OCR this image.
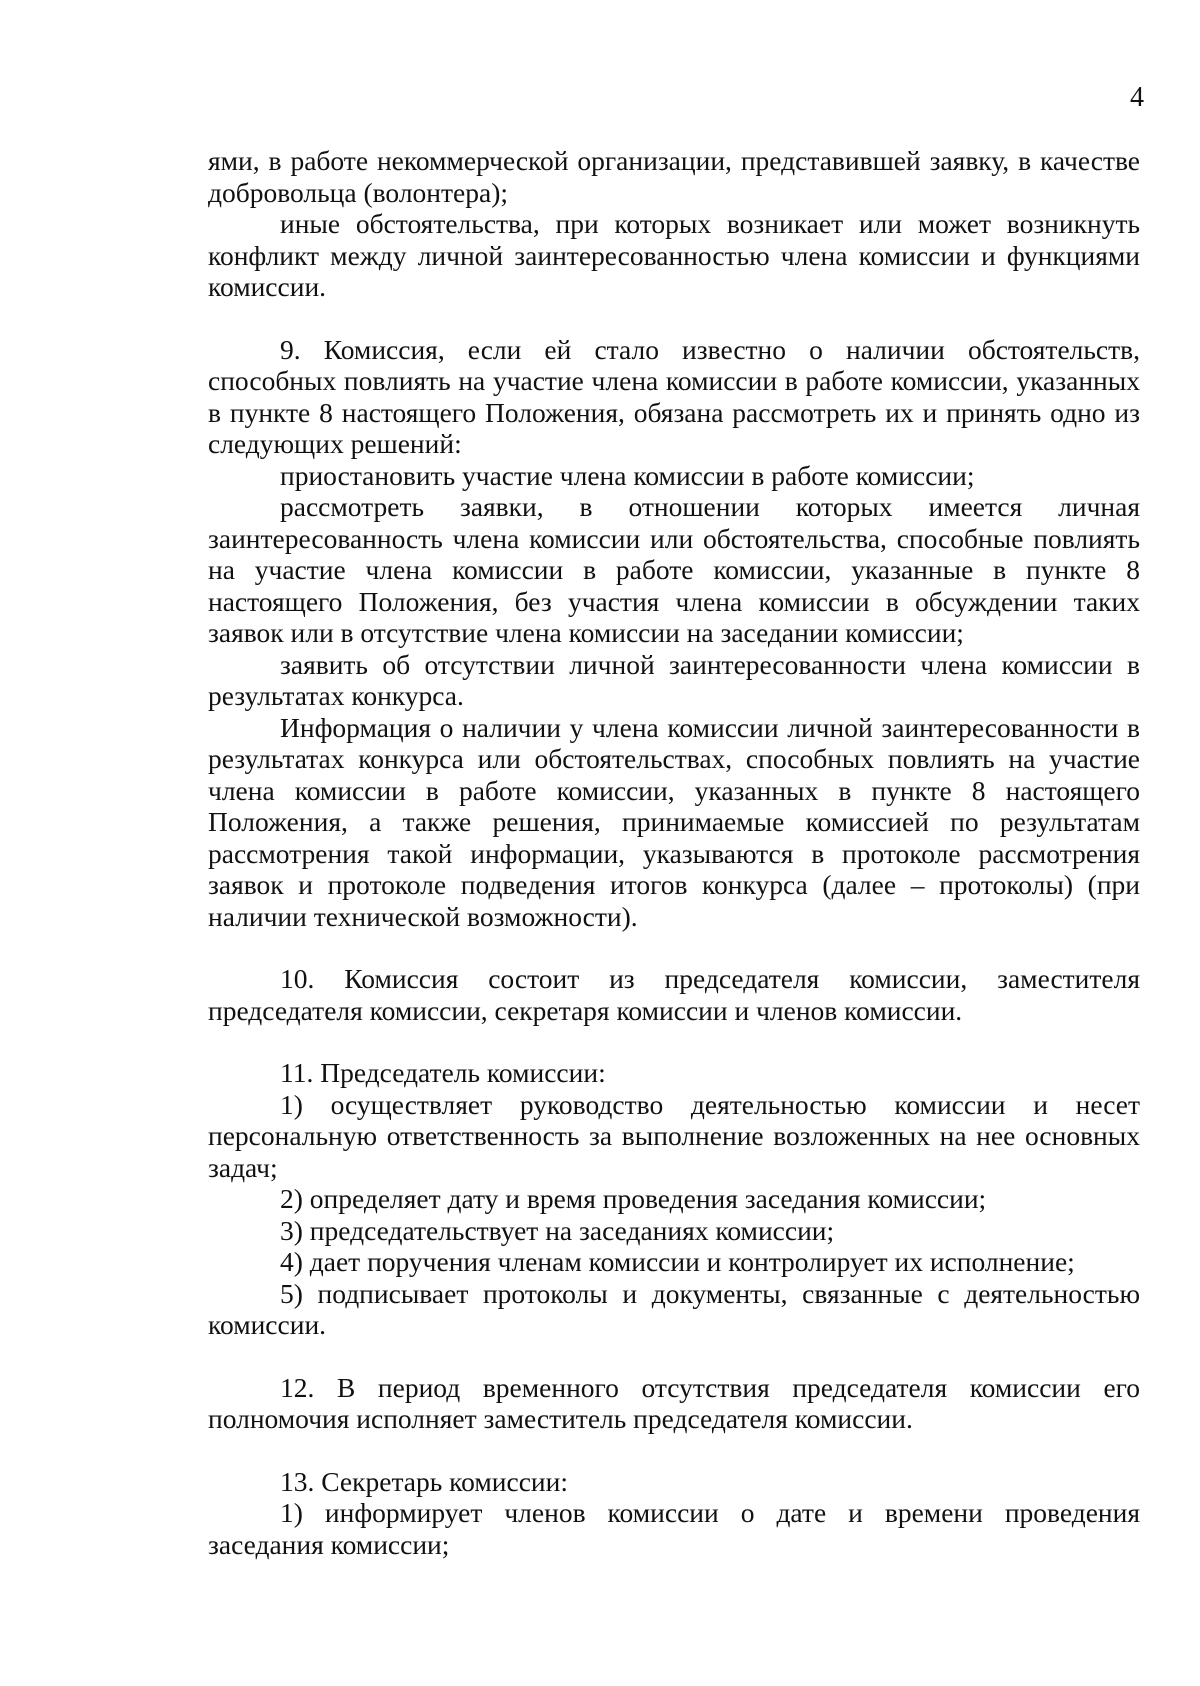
4

ями, в работе некоммерческой организации, представившей заявку, в качестве добровольца (волонтера);

иные обстоятельства, при которых возникает или может возникнуть конфликт между личной заинтересованностью члена комиссии и функциями комиссии.

9. Комиссия, если ей стало известно о наличии обстоятельств, способных повлиять на участие члена комиссии в работе комиссии, указанных в пункте 8 настоящего Положения, обязана рассмотреть их и принять одно из следующих решений:

приостановить участие члена комиссии в работе комиссии;

рассмотреть заявки, в отношении которых имеется личная заинтересованность члена комиссии или обстоятельства, способные повлиять на участие члена комиссии в работе комиссии, указанные в пункте 8 настоящего Положения, без участия члена комиссии в обсуждении таких заявок или в отсутствие члена комиссии на заседании комиссии;

заявить об отсутствии личной заинтересованности члена комиссии в результатах конкурса.

Информация о наличии у члена комиссии личной заинтересованности в результатах конкурса или обстоятельствах, способных повлиять на участие члена комиссии в работе комиссии, указанных в пункте 8 настоящего Положения, а также решения, принимаемые комиссией по результатам рассмотрения такой информации, указываются в протоколе рассмотрения заявок и протоколе подведения итогов конкурса (далее – протоколы) (при наличии технической возможности).

10. Комиссия состоит из председателя комиссии, заместителя председателя комиссии, секретаря комиссии и членов комиссии.

11. Председатель комиссии:

1) осуществляет руководство деятельностью комиссии и несет персональную ответственность за выполнение возложенных на нее основных задач;

2) определяет дату и время проведения заседания комиссии;

3) председательствует на заседаниях комиссии;

4) дает поручения членам комиссии и контролирует их исполнение;

5) подписывает протоколы и документы, связанные с деятельностью комиссии.

12. В период временного отсутствия председателя комиссии его полномочия исполняет заместитель председателя комиссии.

13. Секретарь комиссии:

1) информирует членов комиссии о дате и времени проведения заседания комиссии;
